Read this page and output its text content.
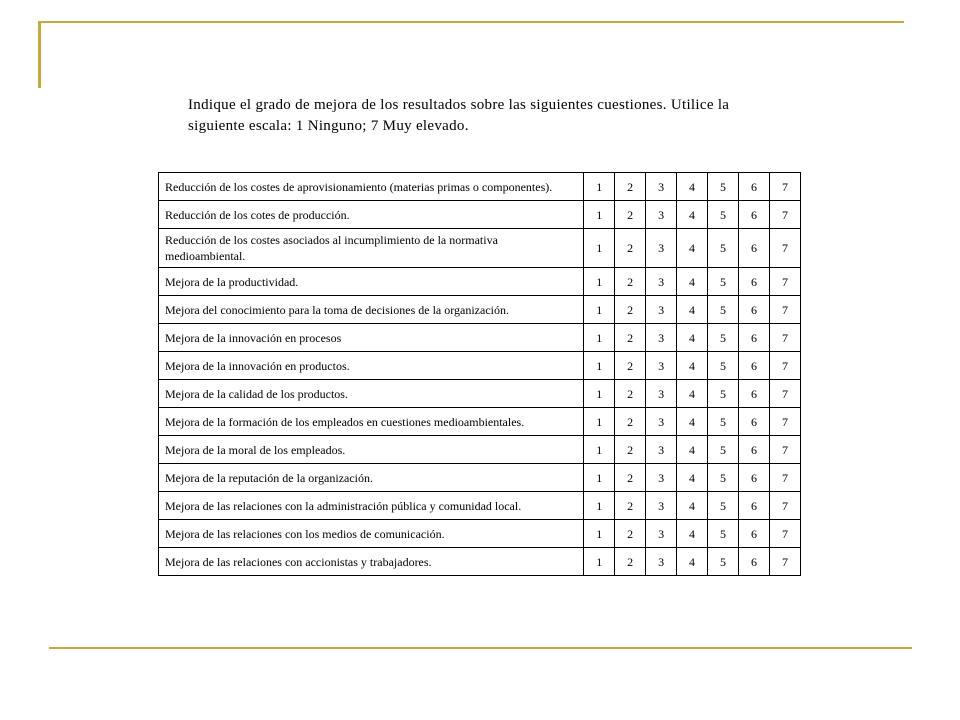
Indique el grado de mejora de los resultados sobre las siguientes cuestiones. Utilice la siguiente escala: 1 Ninguno; 7 Muy elevado.

Reducción de los costes de aprovisionamiento (materias primas o componentes).	1	2	3	4	5	6	7
Reducción de los cotes de producción.	1	2	3	4	5	6	7
Reducción de los costes asociados al incumplimiento de la normativa medioambiental.	1	2	3	4	5	6	7
Mejora de la productividad.	1	2	3	4	5	6	7
Mejora del conocimiento para la toma de decisiones de la organización.	1	2	3	4	5	6	7
Mejora de la innovación en procesos	1	2	3	4	5	6	7
Mejora de la innovación en productos.	1	2	3	4	5	6	7
Mejora de la calidad de los productos.	1	2	3	4	5	6	7
Mejora de la formación de los empleados en cuestiones medioambientales.	1	2	3	4	5	6	7
Mejora de la moral de los empleados.	1	2	3	4	5	6	7
Mejora de la reputación de la organización.	1	2	3	4	5	6	7
Mejora de las relaciones con la administración pública y comunidad local.	1	2	3	4	5	6	7
Mejora de las relaciones con los medios de comunicación.	1	2	3	4	5	6	7
Mejora de las relaciones con accionistas y trabajadores.	1	2	3	4	5	6	7
